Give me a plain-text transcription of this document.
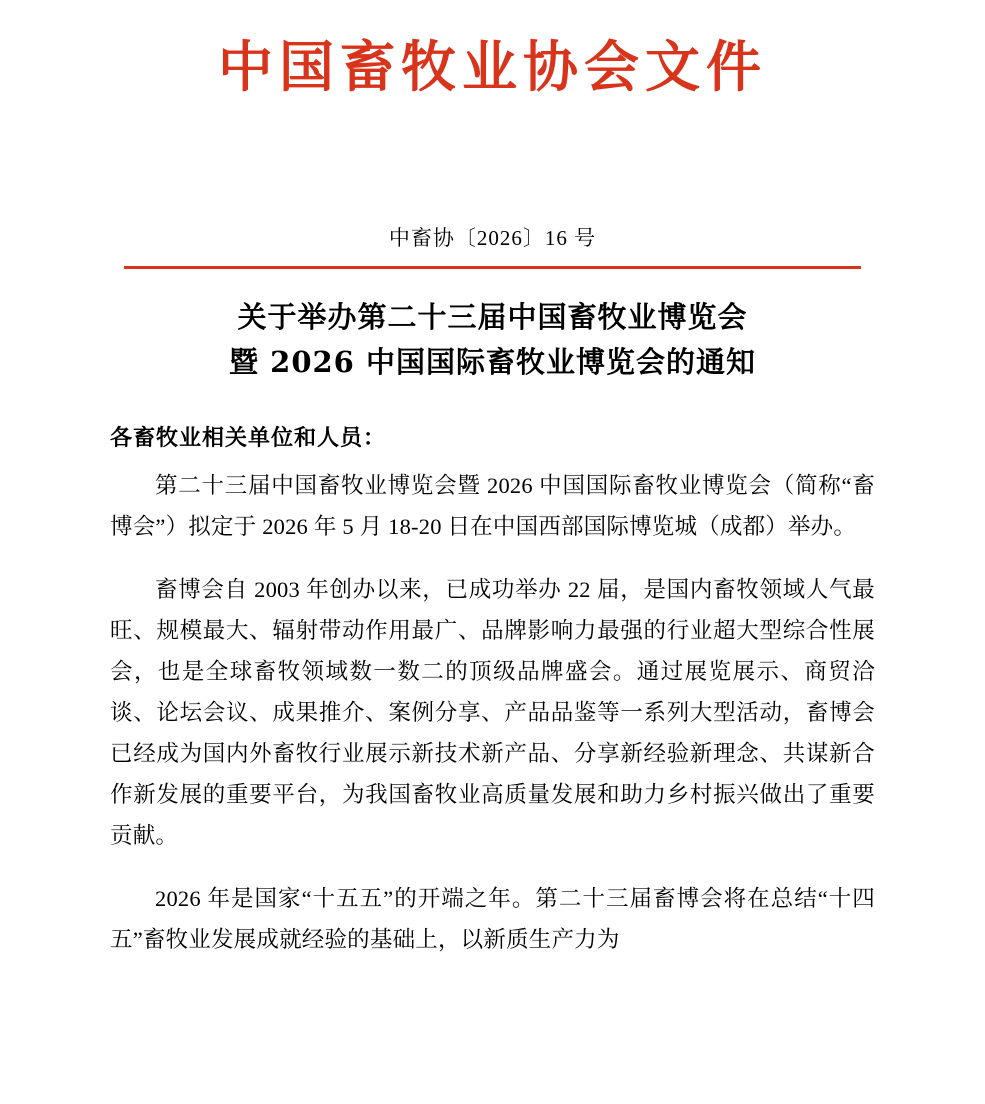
中国畜牧业协会文件
中畜协〔2026〕16 号
关于举办第二十三届中国畜牧业博览会
暨 2026 中国国际畜牧业博览会的通知
各畜牧业相关单位和人员：

第二十三届中国畜牧业博览会暨 2026 中国国际畜牧业博览会（简称“畜博会”）拟定于 2026 年 5 月 18-20 日在中国西部国际博览城（成都）举办。

畜博会自 2003 年创办以来，已成功举办 22 届，是国内畜牧领域人气最旺、规模最大、辐射带动作用最广、品牌影响力最强的行业超大型综合性展会，也是全球畜牧领域数一数二的顶级品牌盛会。通过展览展示、商贸洽谈、论坛会议、成果推介、案例分享、产品品鉴等一系列大型活动，畜博会已经成为国内外畜牧行业展示新技术新产品、分享新经验新理念、共谋新合作新发展的重要平台，为我国畜牧业高质量发展和助力乡村振兴做出了重要贡献。

2026 年是国家“十五五”的开端之年。第二十三届畜博会将在总结“十四五”畜牧业发展成就经验的基础上，以新质生产力为
